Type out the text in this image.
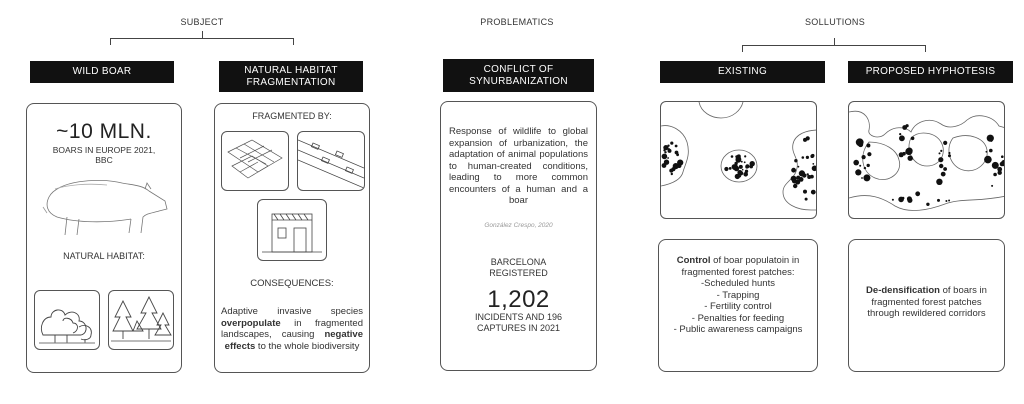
SUBJECT	PROBLEMATICS	SOLLUTIONS
WILD BOAR	NATURAL HABITAT
FRAGMENTATION
CONFLICT OF
SYNURBANIZATION
EXISTING	PROPOSED HYPHOTESIS
~10 MLN.
BOARS IN EUROPE 2021,
BBC
NATURAL HABITAT:
FRAGMENTED BY:
CONSEQUENCES:
Adaptive invasive species overpopulate in fragmented landscapes, causing negative effects to the whole biodiversity
Response of wildlife to global expansion of urbanization, the adaptation of animal populations to human-created conditions, leading to more common encounters of a human and a boar
González Crespo, 2020
BARCELONA
REGISTERED
1,202
INCIDENTS AND 196
CAPTURES IN 2021
Control of boar populatoin in fragmented forest patches:
-Scheduled hunts
- Trapping
- Fertility control
- Penalties for feeding
- Public awareness campaigns
De-densification of boars in fragmented forest patches through rewildered corridors
